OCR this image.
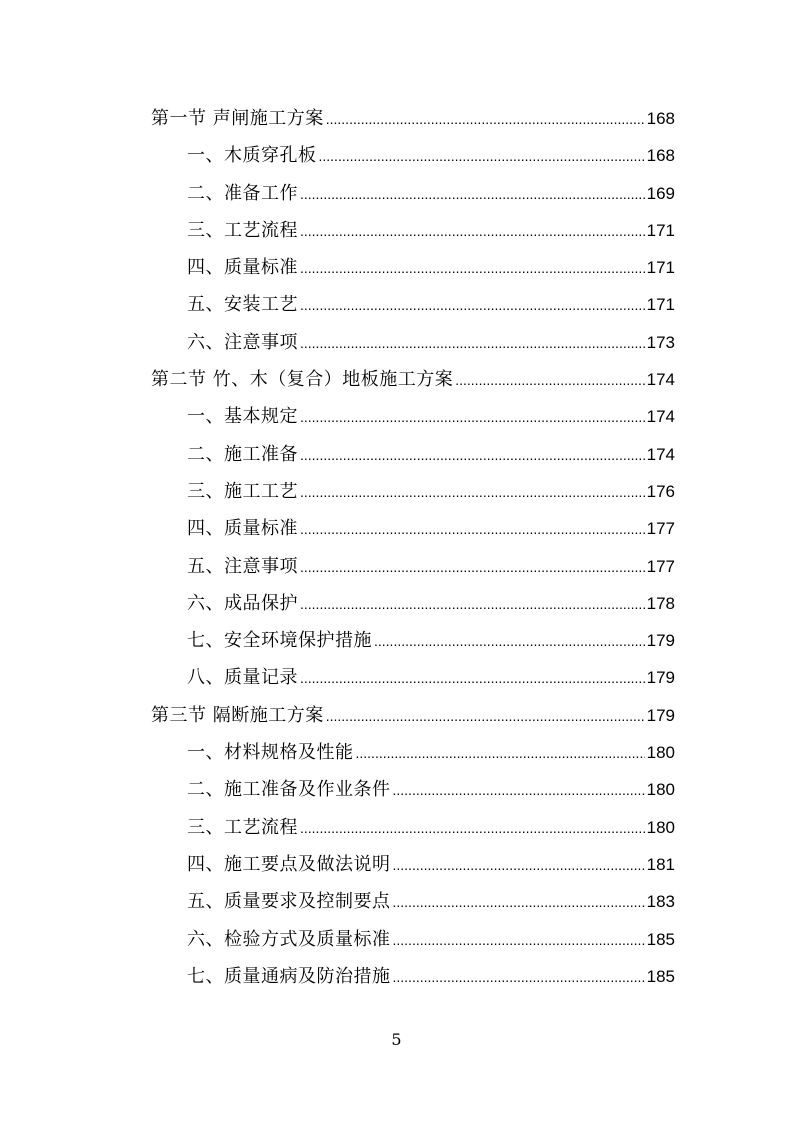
第一节 声闸施工方案 .....	168
一、木质穿孔板 .....	168
二、准备工作 .....	169
三、工艺流程 .....	171
四、质量标准 .....	171
五、安装工艺 .....	171
六、注意事项 .....	173
第二节 竹、木（复合）地板施工方案 .....	174
一、基本规定 .....	174
二、施工准备 .....	174
三、施工工艺 .....	176
四、质量标准 .....	177
五、注意事项 .....	177
六、成品保护 .....	178
七、安全环境保护措施 .....	179
八、质量记录 .....	179
第三节 隔断施工方案 .....	179
一、材料规格及性能 .....	180
二、施工准备及作业条件 .....	180
三、工艺流程 .....	180
四、施工要点及做法说明 .....	181
五、质量要求及控制要点 .....	183
六、检验方式及质量标准 .....	185
七、质量通病及防治措施 .....	185
5
